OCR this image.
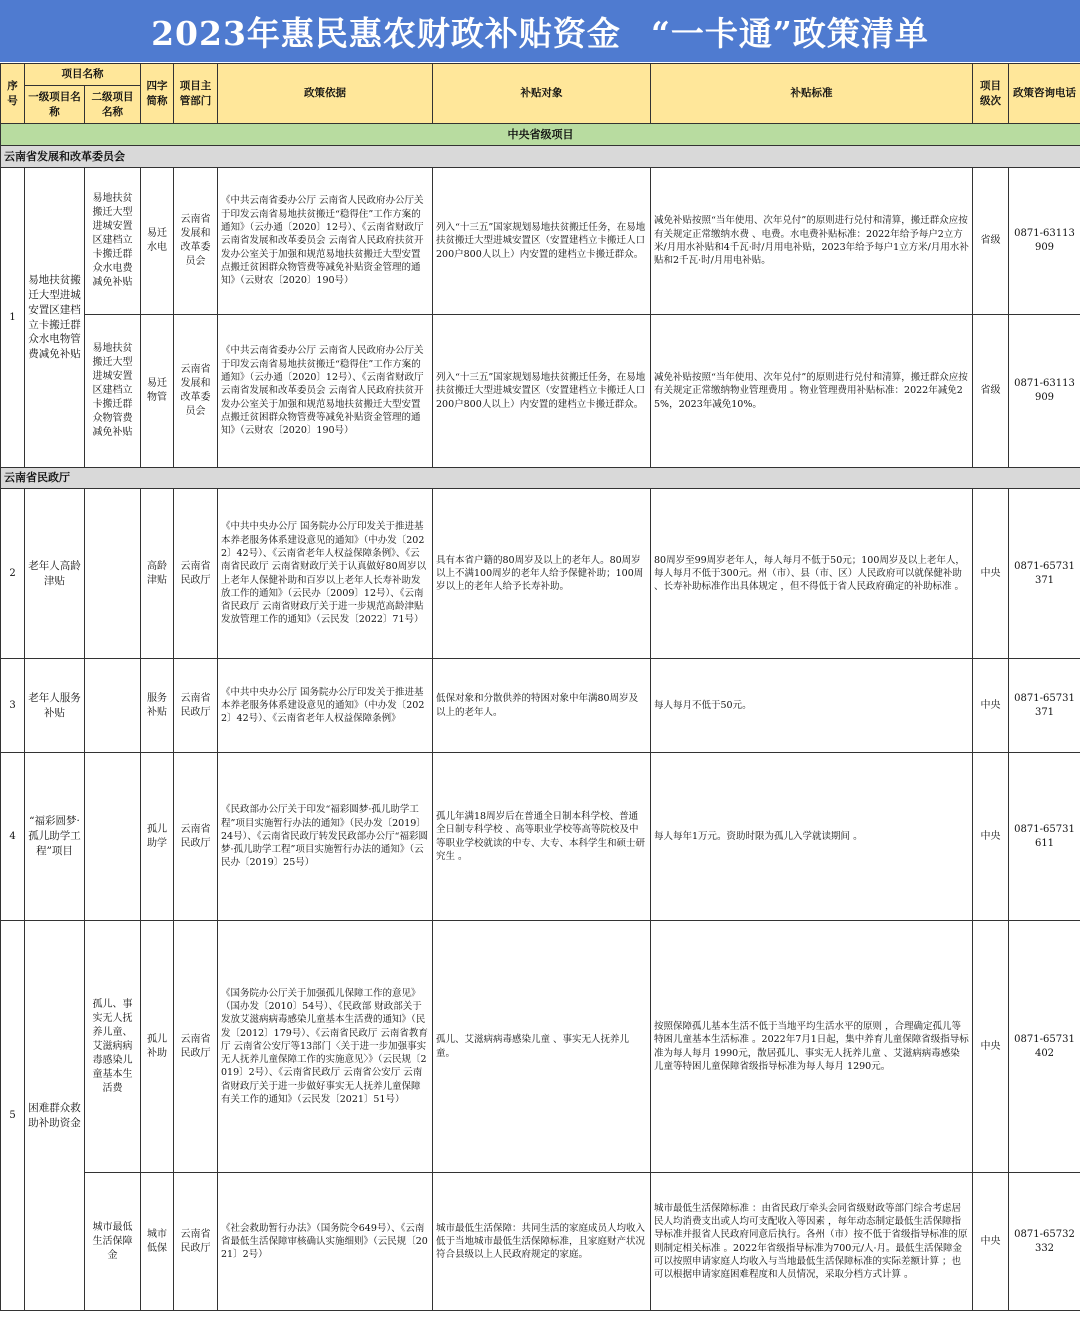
2023年惠民惠农财政补贴资金 “一卡通”政策清单
序号	项目名称		四字简称	项目主管部门	政策依据	补贴对象	补贴标准	项目级次	政策咨询电话
	一级项目名称	二级项目名称							
中央省级项目									
云南省发展和改革委员会									
1	易地扶贫搬迁大型进城安置区建档立卡搬迁群众水电物管费减免补贴	易地扶贫搬迁大型进城安置区建档立卡搬迁群众水电费减免补贴	易迁水电	云南省发展和改革委员会	《中共云南省委办公厅 云南省人民政府办公厅关于印发云南省易地扶贫搬迁“稳得住”工作方案的通知》（云办通〔2020〕12号）、《云南省财政厅 云南省发展和改革委员会 云南省人民政府扶贫开发办公室关于加强和规范易地扶贫搬迁大型安置点搬迁贫困群众物管费等减免补贴资金管理的通知》（云财农〔2020〕190号）	列入“十三五”国家规划易地扶贫搬迁任务，在易地扶贫搬迁大型进城安置区（安置建档立卡搬迁人口200户800人以上）内安置的建档立卡搬迁群众。	减免补贴按照“当年使用、次年兑付”的原则进行兑付和清算，搬迁群众应按有关规定正常缴纳水费 、电费。水电费补贴标准：2022年给予每户2立方米/月用水补贴和4千瓦·时/月用电补贴，2023年给予每户1立方米/月用水补贴和2千瓦·时/月用电补贴。	省级	0871-63113909
		易地扶贫搬迁大型进城安置区建档立卡搬迁群众物管费减免补贴	易迁物管	云南省发展和改革委员会	《中共云南省委办公厅 云南省人民政府办公厅关于印发云南省易地扶贫搬迁“稳得住”工作方案的通知》（云办通〔2020〕12号）、《云南省财政厅 云南省发展和改革委员会 云南省人民政府扶贫开发办公室关于加强和规范易地扶贫搬迁大型安置点搬迁贫困群众物管费等减免补贴资金管理的通知》（云财农〔2020〕190号）	列入“十三五”国家规划易地扶贫搬迁任务，在易地扶贫搬迁大型进城安置区（安置建档立卡搬迁人口200户800人以上）内安置的建档立卡搬迁群众。	减免补贴按照“当年使用、次年兑付”的原则进行兑付和清算，搬迁群众应按有关规定正常缴纳物业管理费用 。物业管理费用补贴标准：2022年减免25%，2023年减免10%。	省级	0871-63113909
云南省民政厅									
2	老年人高龄津贴		高龄津贴	云南省民政厅	《中共中央办公厅 国务院办公厅印发关于推进基本养老服务体系建设意见的通知》（中办发〔2022〕42号）、《云南省老年人权益保障条例》、《云南省民政厅 云南省财政厅关于认真做好80周岁以上老年人保健补助和百岁以上老年人长寿补助发放工作的通知》（云民办〔2009〕12号）、《云南省民政厅 云南省财政厅关于进一步规范高龄津贴发放管理工作的通知》（云民发〔2022〕71号）	具有本省户籍的80周岁及以上的老年人。80周岁以上不满100周岁的老年人给予保健补助；100周岁以上的老年人给予长寿补助。	80周岁至99周岁老年人，每人每月不低于50元；100周岁及以上老年人，每人每月不低于300元。州（市）、县（市、区）人民政府可以就保健补助 、长寿补助标准作出具体规定 ，但不得低于省人民政府确定的补助标准 。	中央	0871-65731371
3	老年人服务补贴		服务补贴	云南省民政厅	《中共中央办公厅 国务院办公厅印发关于推进基本养老服务体系建设意见的通知》（中办发〔2022〕42号）、《云南省老年人权益保障条例》	低保对象和分散供养的特困对象中年满80周岁及以上的老年人。	每人每月不低于50元。	中央	0871-65731371
4	“福彩圆梦·孤儿助学工程”项目		孤儿助学	云南省民政厅	《民政部办公厅关于印发“福彩圆梦·孤儿助学工程”项目实施暂行办法的通知》（民办发〔2019〕24号）、《云南省民政厅转发民政部办公厅“福彩圆梦·孤儿助学工程”项目实施暂行办法的通知》（云民办〔2019〕25号）	孤儿年满18周岁后在普通全日制本科学校、普通全日制专科学校 、高等职业学校等高等院校及中等职业学校就读的中专、大专、本科学生和硕士研究生 。	每人每年1万元。资助时限为孤儿入学就读期间 。	中央	0871-65731611
5	困难群众救助补助资金	孤儿、事实无人抚养儿童、艾滋病病毒感染儿童基本生活费	孤儿补助	云南省民政厅	《国务院办公厅关于加强孤儿保障工作的意见》（国办发〔2010〕54号）、《民政部 财政部关于发放艾滋病病毒感染儿童基本生活费的通知》（民发〔2012〕179号）、《云南省民政厅 云南省教育厅 云南省公安厅等13部门〈关于进一步加强事实无人抚养儿童保障工作的实施意见〉》（云民规〔2019〕2号）、《云南省民政厅 云南省公安厅 云南省财政厅关于进一步做好事实无人抚养儿童保障有关工作的通知》（云民发〔2021〕51号）	孤儿、艾滋病病毒感染儿童 、事实无人抚养儿童。	按照保障孤儿基本生活不低于当地平均生活水平的原则 ，合理确定孤儿等特困儿童基本生活标准 。2022年7月1日起，集中养育儿童保障省级指导标准为每人每月 1990元，散居孤儿、事实无人抚养儿童 、艾滋病病毒感染儿童等特困儿童保障省级指导标准为每人每月 1290元。	中央	0871-65731402
		城市最低生活保障金	城市低保	云南省民政厅	《社会救助暂行办法》（国务院令649号）、《云南省最低生活保障审核确认实施细则》（云民规〔2021〕2号）	城市最低生活保障：共同生活的家庭成员人均收入低于当地城市最低生活保障标准，且家庭财产状况符合县级以上人民政府规定的家庭。	城市最低生活保障标准 ：由省民政厅牵头会同省级财政等部门综合考虑居民人均消费支出或人均可支配收入等因素 ，每年动态制定最低生活保障指导标准并报省人民政府同意后执行。各州（市）按不低于省级指导标准的原则制定相关标准 。2022年省级指导标准为700元/人·月。最低生活保障金可以按照申请家庭人均收入与当地最低生活保障标准的实际差额计算 ；也可以根据申请家庭困难程度和人员情况，采取分档方式计算 。	中央	0871-65732332
